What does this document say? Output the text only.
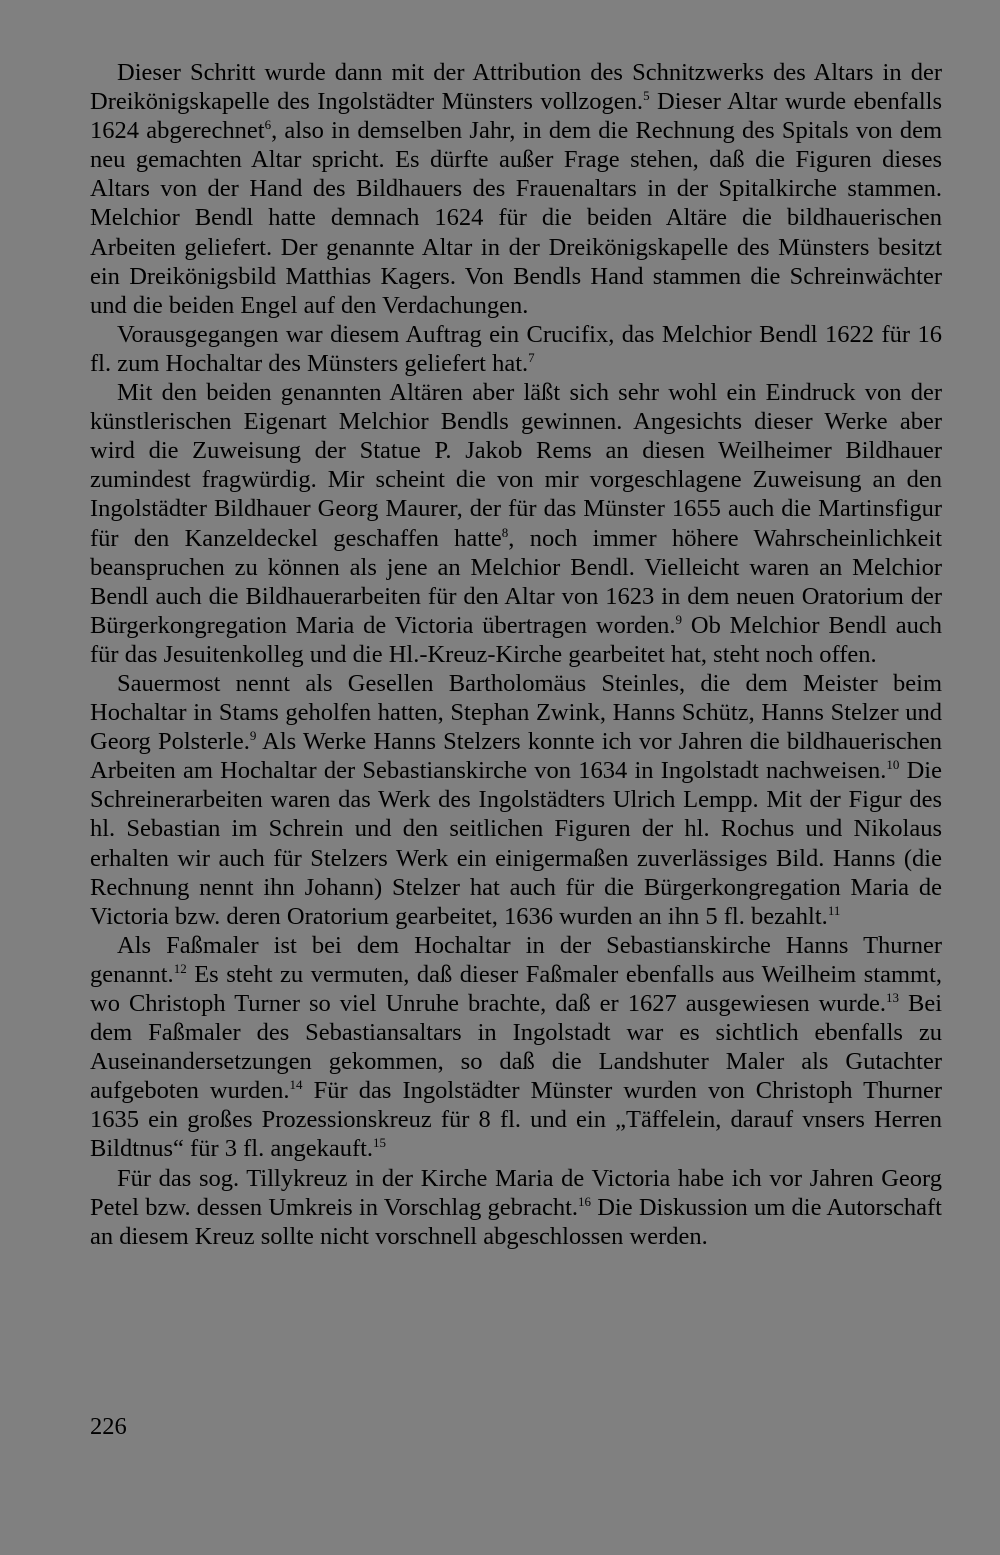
Dieser Schritt wurde dann mit der Attribution des Schnitzwerks des Altars in der Dreikönigskapelle des Ingolstädter Münsters vollzogen.$^5$ Dieser Altar wurde ebenfalls 1624 abgerechnet$^6$, also in demselben Jahr, in dem die Rechnung des Spitals von dem neu gemachten Altar spricht. Es dürfte außer Frage stehen, daß die Figuren dieses Altars von der Hand des Bildhauers des Frauenaltars in der Spitalkirche stammen. Melchior Bendl hatte demnach 1624 für die beiden Altäre die bildhauerischen Arbeiten geliefert. Der genannte Altar in der Dreikönigskapelle des Münsters besitzt ein Dreikönigsbild Matthias Kagers. Von Bendls Hand stammen die Schreinwächter und die beiden Engel auf den Verdachungen.

Vorausgegangen war diesem Auftrag ein Crucifix, das Melchior Bendl 1622 für 16 fl. zum Hochaltar des Münsters geliefert hat.$^7$

Mit den beiden genannten Altären aber läßt sich sehr wohl ein Eindruck von der künstlerischen Eigenart Melchior Bendls gewinnen. Angesichts dieser Werke aber wird die Zuweisung der Statue P. Jakob Rems an diesen Weilheimer Bildhauer zumindest fragwürdig. Mir scheint die von mir vorgeschlagene Zuweisung an den Ingolstädter Bildhauer Georg Maurer, der für das Münster 1655 auch die Martinsfigur für den Kanzeldeckel geschaffen hatte$^8$, noch immer höhere Wahrscheinlichkeit beanspruchen zu können als jene an Melchior Bendl. Vielleicht waren an Melchior Bendl auch die Bildhauerarbeiten für den Altar von 1623 in dem neuen Oratorium der Bürgerkongregation Maria de Victoria übertragen worden.$^9$ Ob Melchior Bendl auch für das Jesuitenkolleg und die Hl.-Kreuz-Kirche gearbeitet hat, steht noch offen.

Sauermost nennt als Gesellen Bartholomäus Steinles, die dem Meister beim Hochaltar in Stams geholfen hatten, Stephan Zwink, Hanns Schütz, Hanns Stelzer und Georg Polsterle.$^9$ Als Werke Hanns Stelzers konnte ich vor Jahren die bildhauerischen Arbeiten am Hochaltar der Sebastianskirche von 1634 in Ingolstadt nachweisen.$^{10}$ Die Schreinerarbeiten waren das Werk des Ingolstädters Ulrich Lempp. Mit der Figur des hl. Sebastian im Schrein und den seitlichen Figuren der hl. Rochus und Nikolaus erhalten wir auch für Stelzers Werk ein einigermaßen zuverlässiges Bild. Hanns (die Rechnung nennt ihn Johann) Stelzer hat auch für die Bürgerkongregation Maria de Victoria bzw. deren Oratorium gearbeitet, 1636 wurden an ihn 5 fl. bezahlt.$^{11}$

Als Faßmaler ist bei dem Hochaltar in der Sebastianskirche Hanns Thurner genannt.$^{12}$ Es steht zu vermuten, daß dieser Faßmaler ebenfalls aus Weilheim stammt, wo Christoph Turner so viel Unruhe brachte, daß er 1627 ausgewiesen wurde.$^{13}$ Bei dem Faßmaler des Sebastiansaltars in Ingolstadt war es sichtlich ebenfalls zu Auseinandersetzungen gekommen, so daß die Landshuter Maler als Gutachter aufgeboten wurden.$^{14}$ Für das Ingolstädter Münster wurden von Christoph Thurner 1635 ein großes Prozessionskreuz für 8 fl. und ein „Täffelein, darauf vnsers Herren Bildtnus“ für 3 fl. angekauft.$^{15}$

Für das sog. Tillykreuz in der Kirche Maria de Victoria habe ich vor Jahren Georg Petel bzw. dessen Umkreis in Vorschlag gebracht.$^{16}$ Die Diskussion um die Autorschaft an diesem Kreuz sollte nicht vorschnell abgeschlossen werden.

226
